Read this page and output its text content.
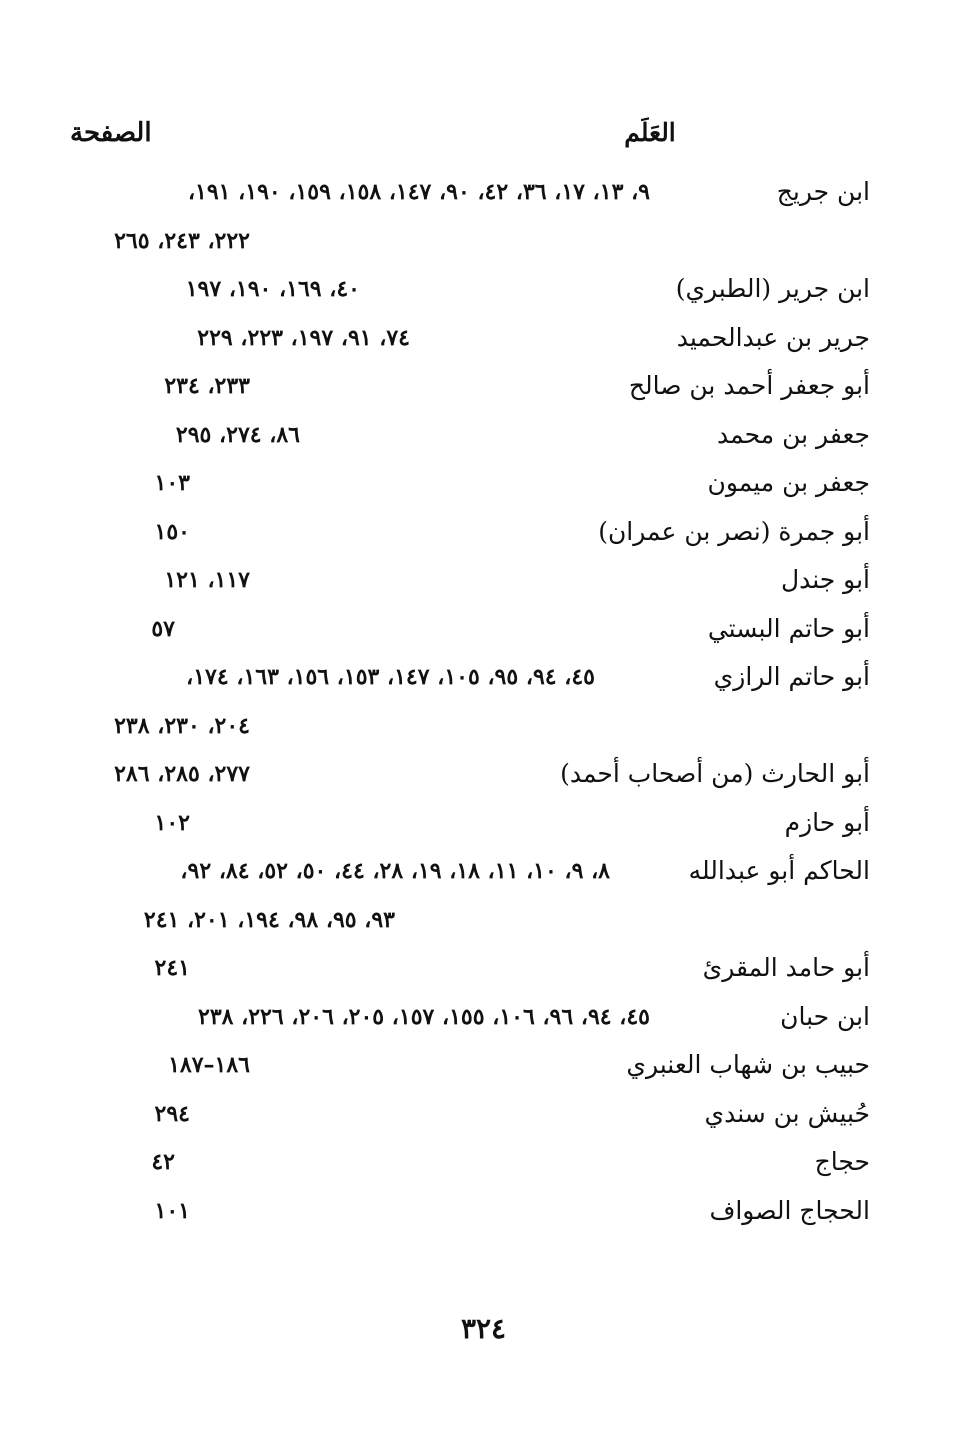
العَلَم
الصفحة
ابن جريج
٩، ١٣، ١٧، ٣٦، ٤٢، ٩٠، ١٤٧، ١٥٨، ١٥٩، ١٩٠، ١٩١،
٢٢٢، ٢٤٣، ٢٦٥
ابن جرير (الطبري)
٤٠، ١٦٩، ١٩٠، ١٩٧
جرير بن عبدالحميد
٧٤، ٩١، ١٩٧، ٢٢٣، ٢٢٩
أبو جعفر أحمد بن صالح
٢٣٣، ٢٣٤
جعفر بن محمد
٨٦، ٢٧٤، ٢٩٥
جعفر بن ميمون
١٠٣
أبو جمرة (نصر بن عمران)
١٥٠
أبو جندل
١١٧، ١٢١
أبو حاتم البستي
٥٧
أبو حاتم الرازي
٤٥، ٩٤، ٩٥، ١٠٥، ١٤٧، ١٥٣، ١٥٦، ١٦٣، ١٧٤،
٢٠٤، ٢٣٠، ٢٣٨
أبو الحارث (من أصحاب أحمد)
٢٧٧، ٢٨٥، ٢٨٦
أبو حازم
١٠٢
الحاكم أبو عبدالله
٨، ٩، ١٠، ١١، ١٨، ١٩، ٢٨، ٤٤، ٥٠، ٥٢، ٨٤، ٩٢،
٩٣، ٩٥، ٩٨، ١٩٤، ٢٠١، ٢٤١
أبو حامد المقرئ
٢٤١
ابن حبان
٤٥، ٩٤، ٩٦، ١٠٦، ١٥٥، ١٥٧، ٢٠٥، ٢٠٦، ٢٢٦، ٢٣٨
حبيب بن شهاب العنبري
١٨٦–١٨٧
حُبيش بن سندي
٢٩٤
حجاج
٤٢
الحجاج الصواف
١٠١
٣٢٤
